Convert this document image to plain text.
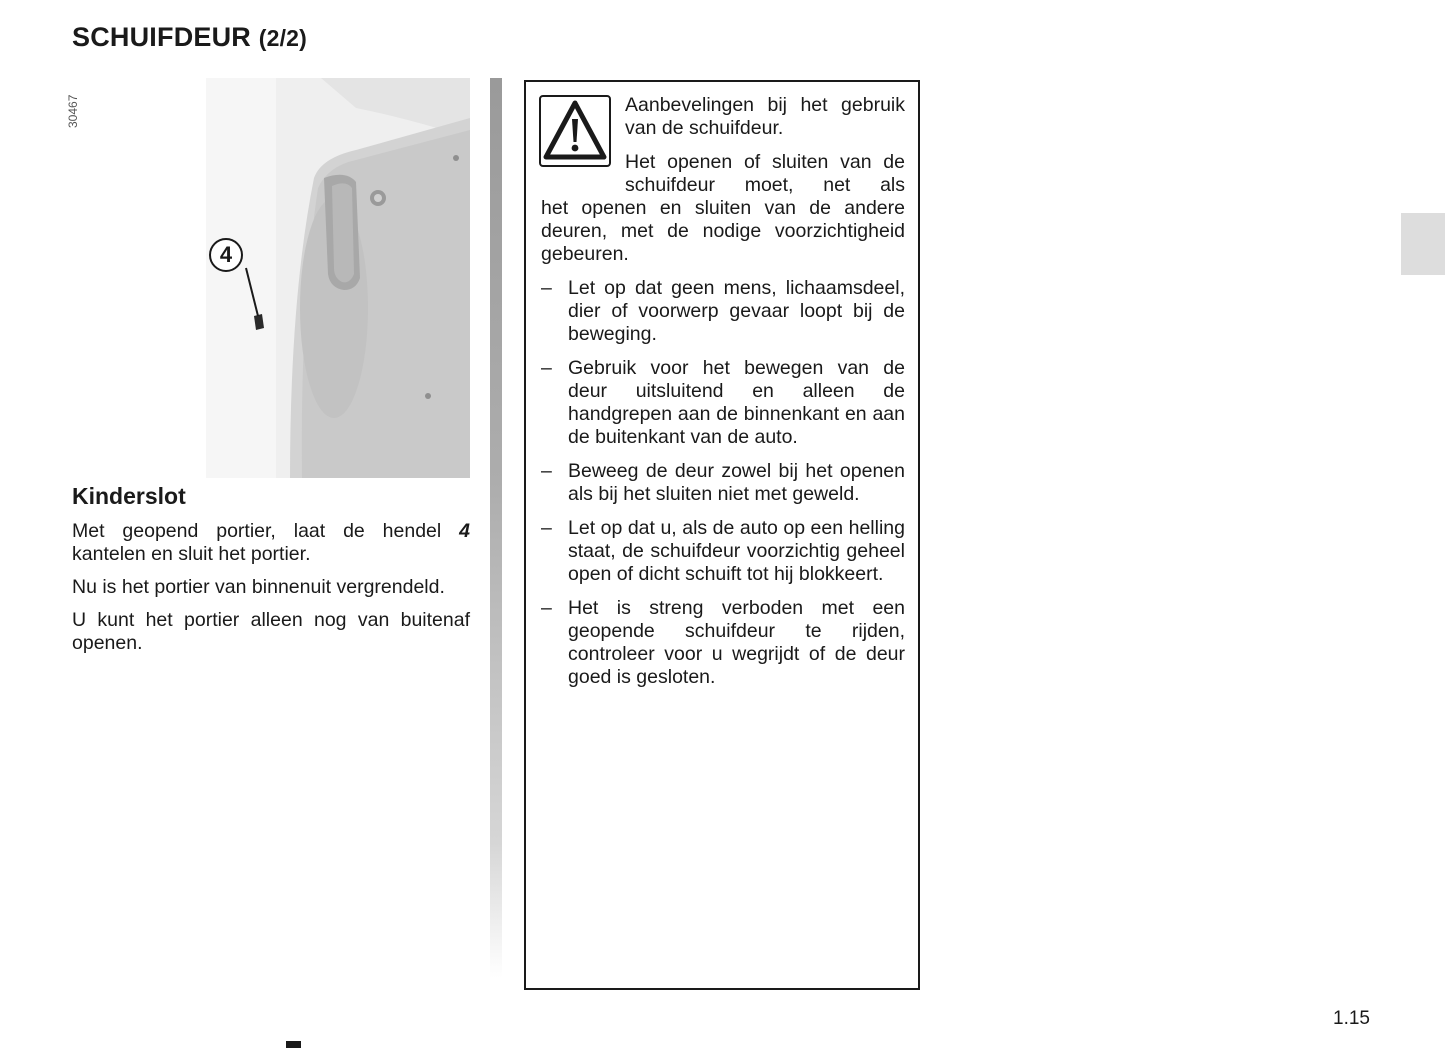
SCHUIFDEUR (2/2)
30467
4
Kinderslot

Met geopend portier, laat de hendel 4 kantelen en sluit het portier.

Nu is het portier van binnenuit vergrendeld.

U kunt het portier alleen nog van buitenaf openen.

Aanbevelingen bij het gebruik van de schuifdeur.

Het openen of sluiten van de schuifdeur moet, net als
het openen en sluiten van de andere deuren, met de nodige voorzichtigheid gebeuren.

– Let op dat geen mens, lichaamsdeel, dier of voorwerp gevaar loopt bij de beweging.
– Gebruik voor het bewegen van de deur uitsluitend en alleen de handgrepen aan de binnenkant en aan de buitenkant van de auto.
– Beweeg de deur zowel bij het openen als bij het sluiten niet met geweld.
– Let op dat u, als de auto op een helling staat, de schuifdeur voorzichtig geheel open of dicht schuift tot hij blokkeert.
– Het is streng verboden met een geopende schuifdeur te rijden, controleer voor u wegrijdt of de deur goed is gesloten.
1.15
